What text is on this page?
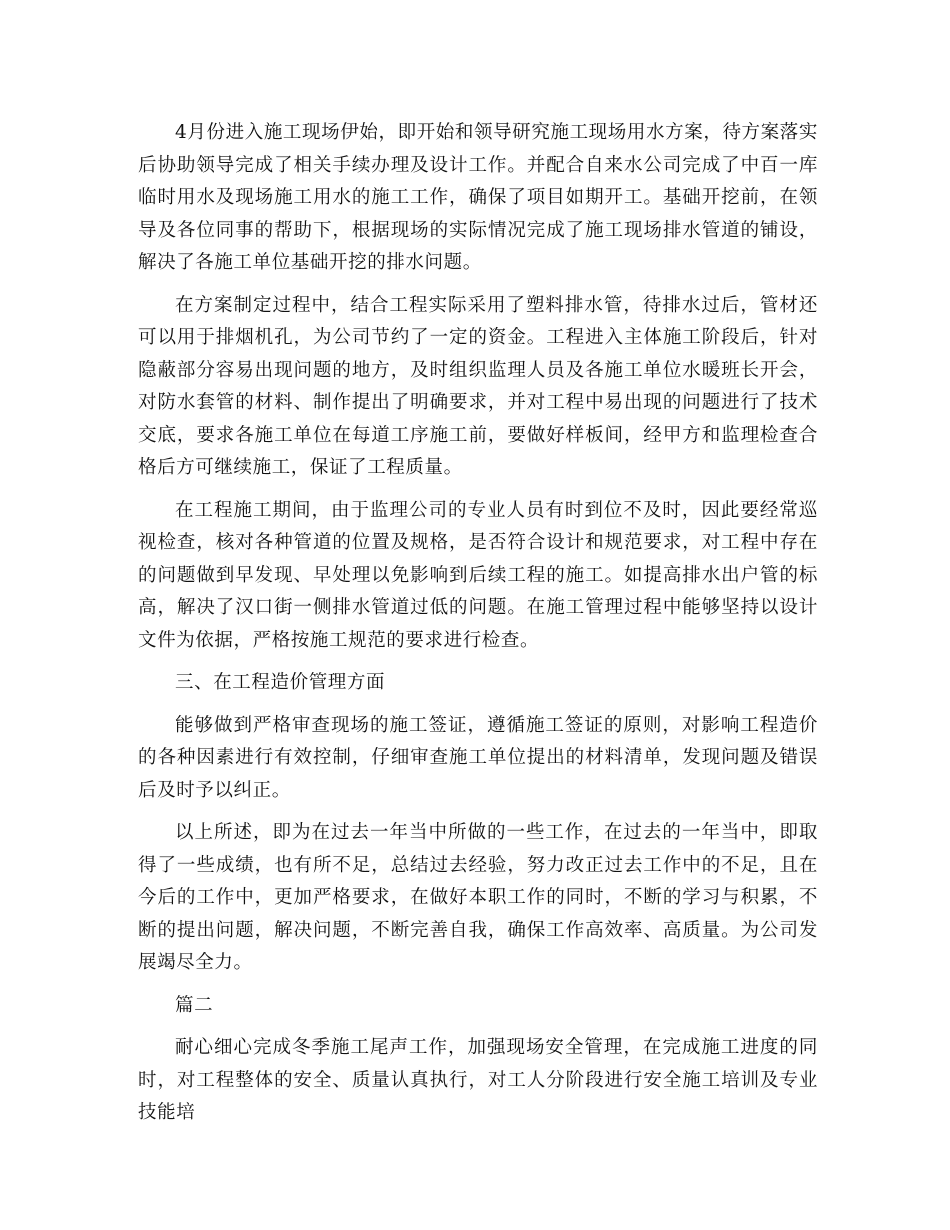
4月份进入施工现场伊始，即开始和领导研究施工现场用水方案，待方案落实后协助领导完成了相关手续办理及设计工作。并配合自来水公司完成了中百一库临时用水及现场施工用水的施工工作，确保了项目如期开工。基础开挖前，在领导及各位同事的帮助下，根据现场的实际情况完成了施工现场排水管道的铺设，解决了各施工单位基础开挖的排水问题。

在方案制定过程中，结合工程实际采用了塑料排水管，待排水过后，管材还可以用于排烟机孔，为公司节约了一定的资金。工程进入主体施工阶段后，针对隐蔽部分容易出现问题的地方，及时组织监理人员及各施工单位水暖班长开会，对防水套管的材料、制作提出了明确要求，并对工程中易出现的问题进行了技术交底，要求各施工单位在每道工序施工前，要做好样板间，经甲方和监理检查合格后方可继续施工，保证了工程质量。

在工程施工期间，由于监理公司的专业人员有时到位不及时，因此要经常巡视检查，核对各种管道的位置及规格，是否符合设计和规范要求，对工程中存在的问题做到早发现、早处理以免影响到后续工程的施工。如提高排水出户管的标高，解决了汉口街一侧排水管道过低的问题。在施工管理过程中能够坚持以设计文件为依据，严格按施工规范的要求进行检查。

三、在工程造价管理方面

能够做到严格审查现场的施工签证，遵循施工签证的原则，对影响工程造价的各种因素进行有效控制，仔细审查施工单位提出的材料清单，发现问题及错误后及时予以纠正。

以上所述，即为在过去一年当中所做的一些工作，在过去的一年当中，即取得了一些成绩，也有所不足，总结过去经验，努力改正过去工作中的不足，且在今后的工作中，更加严格要求，在做好本职工作的同时，不断的学习与积累，不断的提出问题，解决问题，不断完善自我，确保工作高效率、高质量。为公司发展竭尽全力。

篇二

耐心细心完成冬季施工尾声工作，加强现场安全管理，在完成施工进度的同时，对工程整体的安全、质量认真执行，对工人分阶段进行安全施工培训及专业技能培
